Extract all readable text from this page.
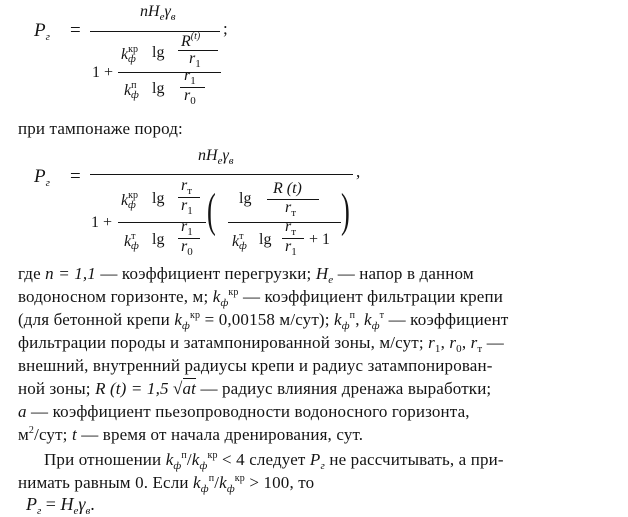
$P_г$ =
$nH_e\gamma_в$
;
1 +
$k^{кр}$
ф lg
$R^{(t)}$
$r_1$
$k^п$
ф lg
$r_1$
$r_0$
при тампонаже пород:
$P_г$ =
$nH_e\gamma_в$
,
1 +
$k^{кр}$
ф lg
$r_т$
$r_1$
$k^т$
ф lg
$r_1$
$r_0$
(	)
R (t)
$r_т$
lg
$k^т$
ф lg
$r_т$
$r_1$
+ 1
где n = 1,1 — коэффициент перегрузки; $H_e$ — напор в данном
водоносном горизонте, м; $k_ф^{кр}$ — коэффициент фильтрации крепи
(для бетонной крепи $k_ф^{кр} = 0,00158$ м/сут); $k_ф^п$, $k_ф^т$ — коэффициент
фильтрации породы и затампонированной зоны, м/сут; $r_1$, $r_0$, $r_т$ —
внешний, внутренний радиусы крепи и радиус затампонирован-
ной зоны; R (t) = 1,5 √at — радиус влияния дренажа выработки;
a — коэффициент пьезопроводности водоносного горизонта,
$м^2$/сут; t — время от начала дренирования, сут.
При отношении $k_ф^п/k_ф^{кр} < 4$ следует $P_г$ не рассчитывать, а при-
нимать равным 0. Если $k_ф^п/k_ф^{кр} > 100$, то
$P_г = H_e\gamma_в$.
